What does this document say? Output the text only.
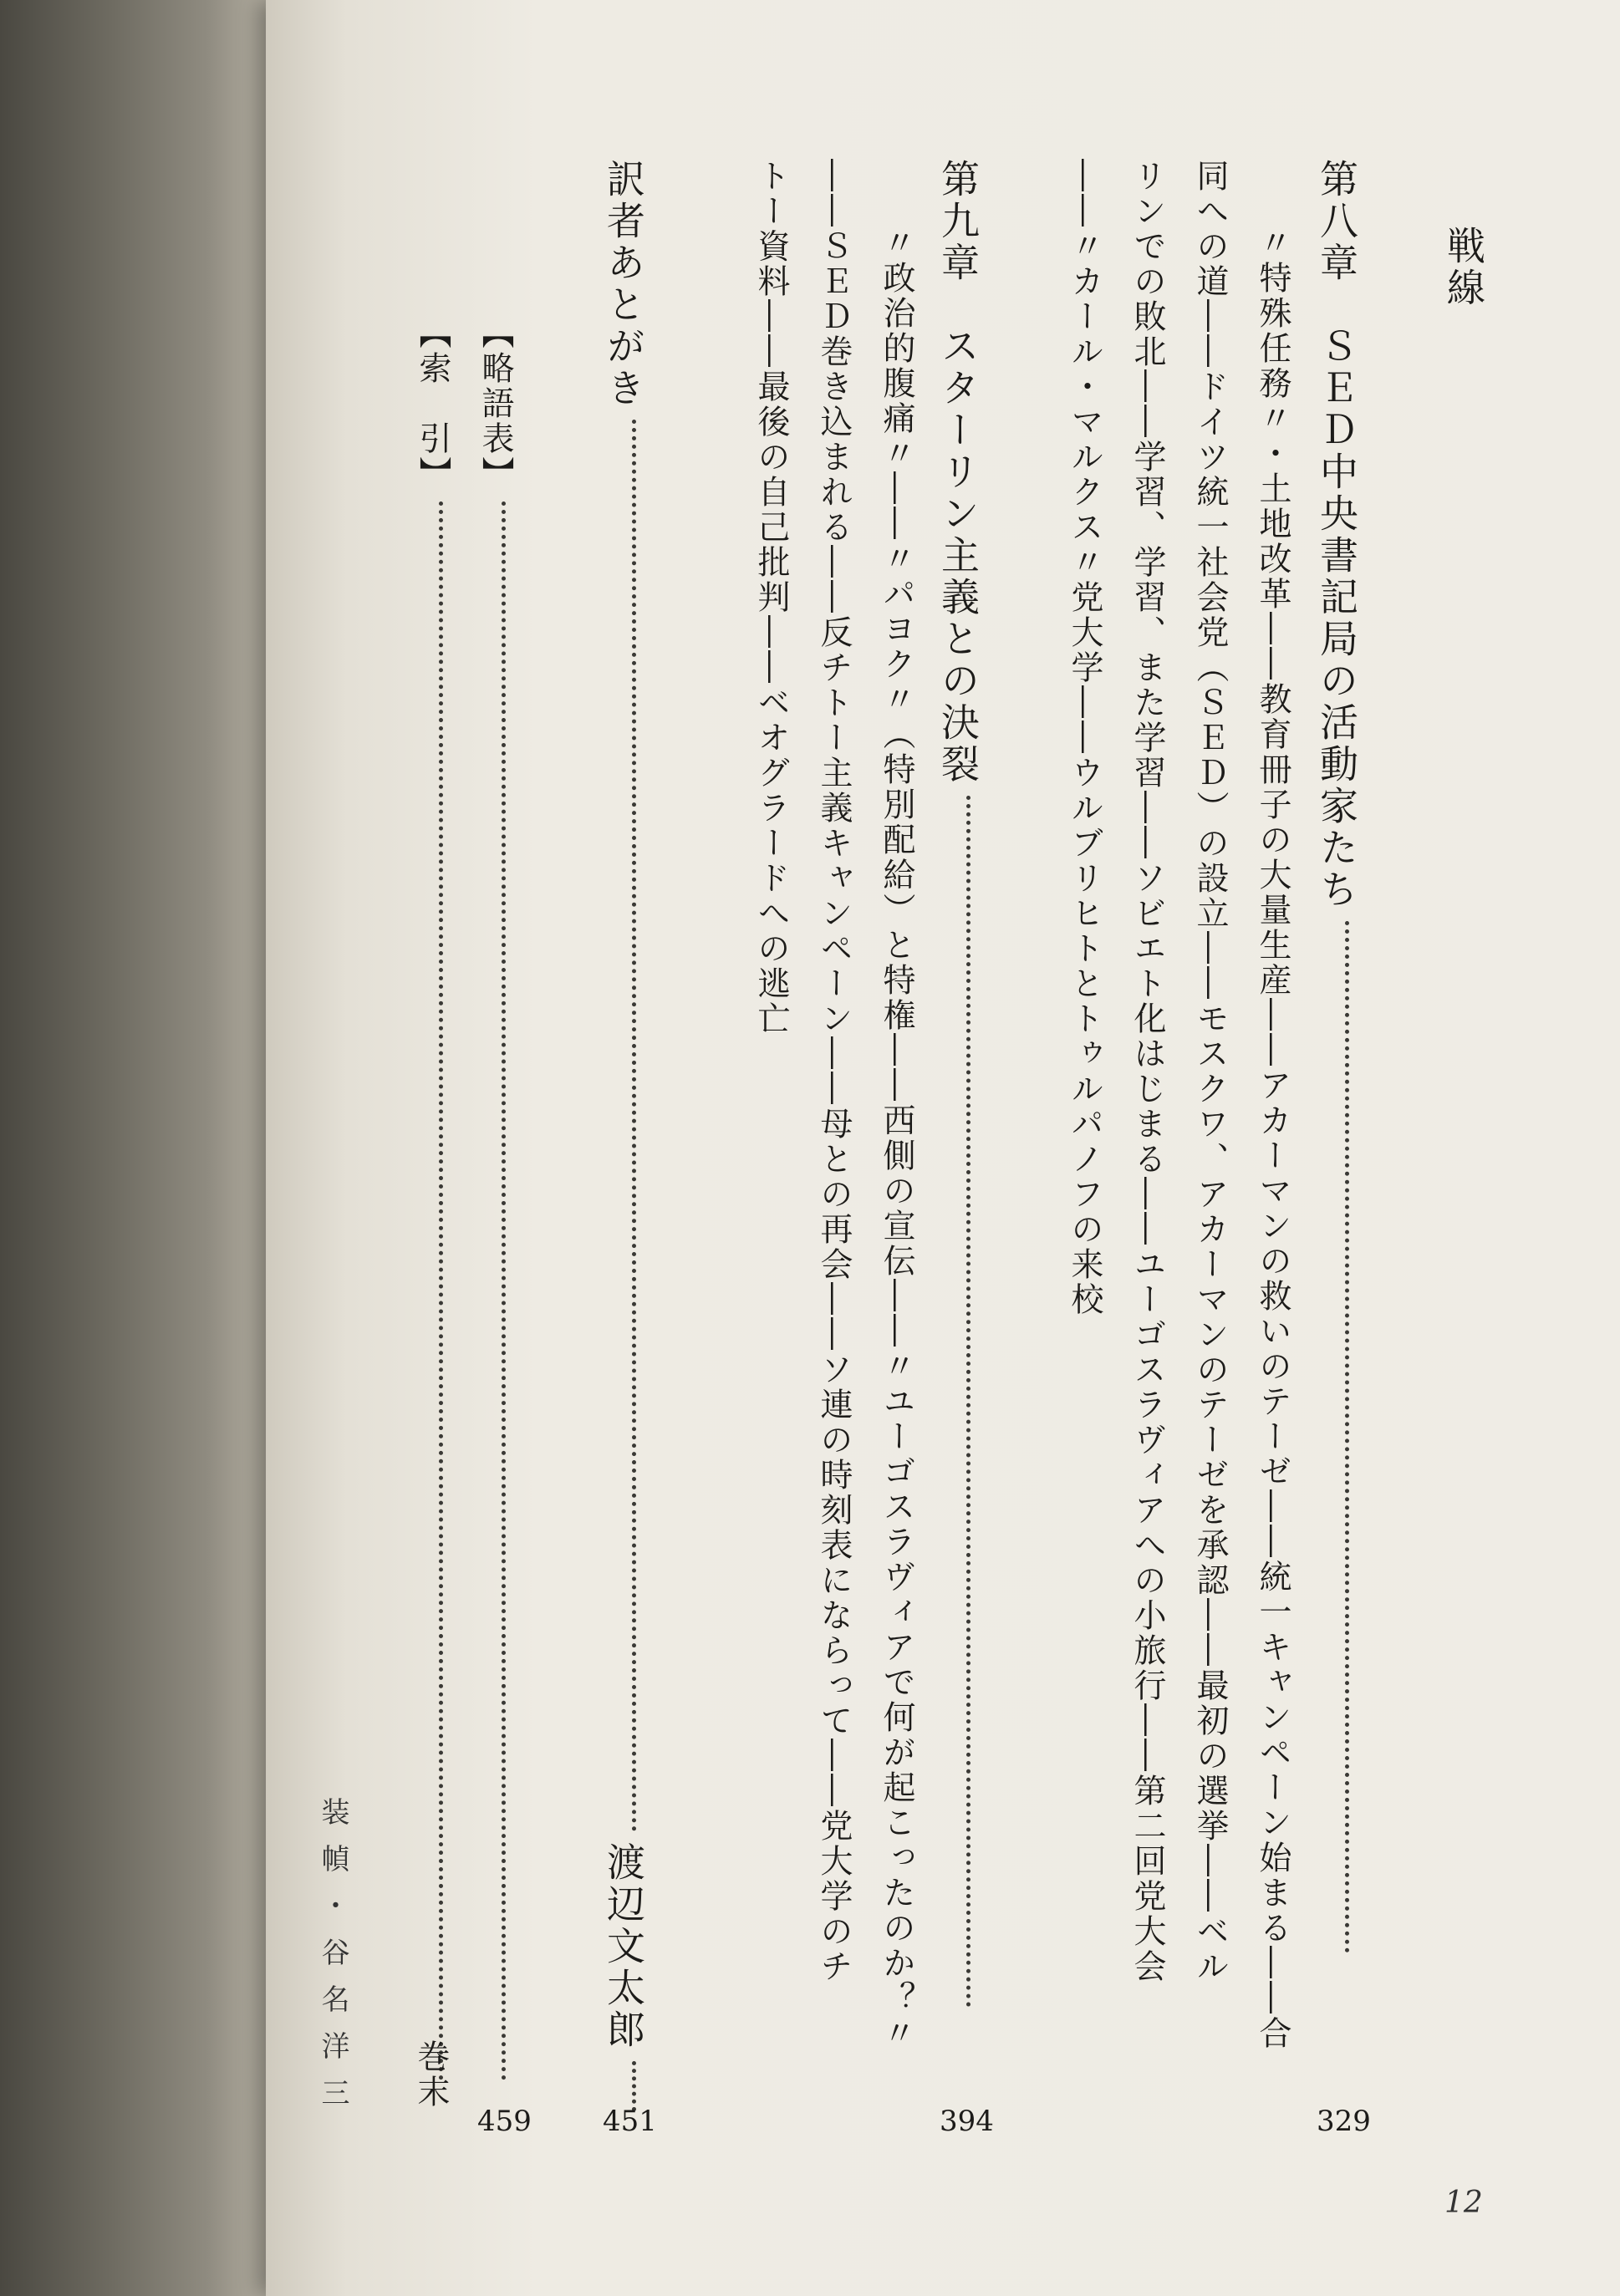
戦線
第八章　ＳＥＤ中央書記局の活動家たち
329
〃特殊任務〃・土地改革――教育冊子の大量生産――アカーマンの救いのテーゼ――統一キャンペーン始まる――合
同への道――ドイツ統一社会党（ＳＥＤ）の設立――モスクワ、アカーマンのテーゼを承認――最初の選挙――ベル
リンでの敗北――学習、学習、また学習――ソビエト化はじまる――ユーゴスラヴィアへの小旅行――第二回党大会
――〃カール・マルクス〃党大学――ウルブリヒトとトゥルパノフの来校
第九章　スターリン主義との決裂
394
〃政治的腹痛〃――〃パヨク〃（特別配給）と特権――西側の宣伝――〃ユーゴスラヴィアで何が起こったのか？〃
――ＳＥＤ巻き込まれる――反チトー主義キャンペーン――母との再会――ソ連の時刻表にならって――党大学のチ
トー資料――最後の自己批判――ベオグラードへの逃亡
訳者あとがき渡辺文太郎
451
【略語表】
459
【索　引】
巻末
装幀・谷名洋三
12
